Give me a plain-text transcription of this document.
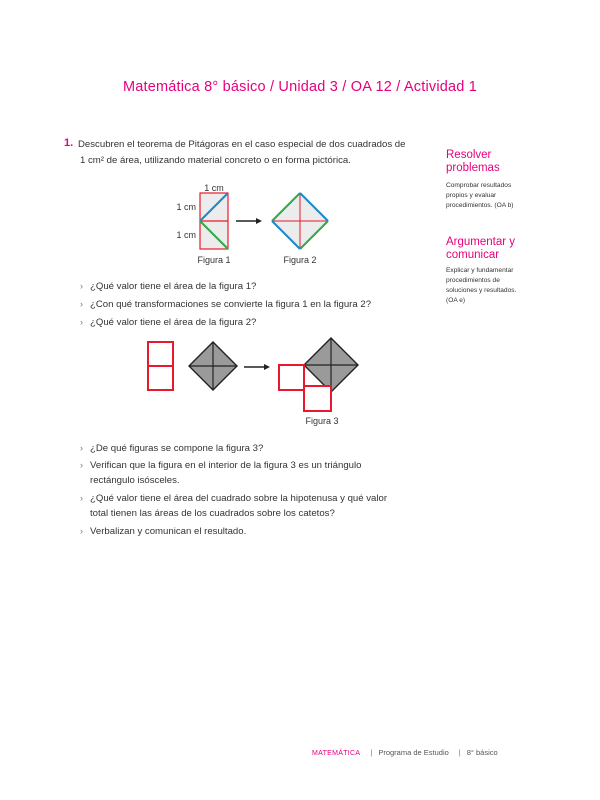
Matemática 8° básico / Unidad 3 / OA 12 / Actividad 1
1. Descubren el teorema de Pitágoras en el caso especial de dos cuadrados de
1 cm² de área, utilizando material concreto o en forma pictórica.
1 cm
1 cm
1 cm
Figura 1	Figura 2
› ¿Qué valor tiene el área de la figura 1?
› ¿Con qué transformaciones se convierte la figura 1 en la figura 2?
› ¿Qué valor tiene el área de la figura 2?
Figura 3
› ¿De qué figuras se compone la figura 3?
› Verifican que la figura en el interior de la figura 3 es un triángulo
rectángulo isósceles.
› ¿Qué valor tiene el área del cuadrado sobre la hipotenusa y qué valor
total tienen las áreas de los cuadrados sobre los catetos?
› Verbalizan y comunican el resultado.
Resolver
problemas
Comprobar resultados
propios y evaluar
procedimientos. (OA b)
Argumentar y
comunicar
Explicar y fundamentar
procedimientos de
soluciones y resultados.
(OA e)
MATEMÁTICA | Programa de Estudio | 8° básico
